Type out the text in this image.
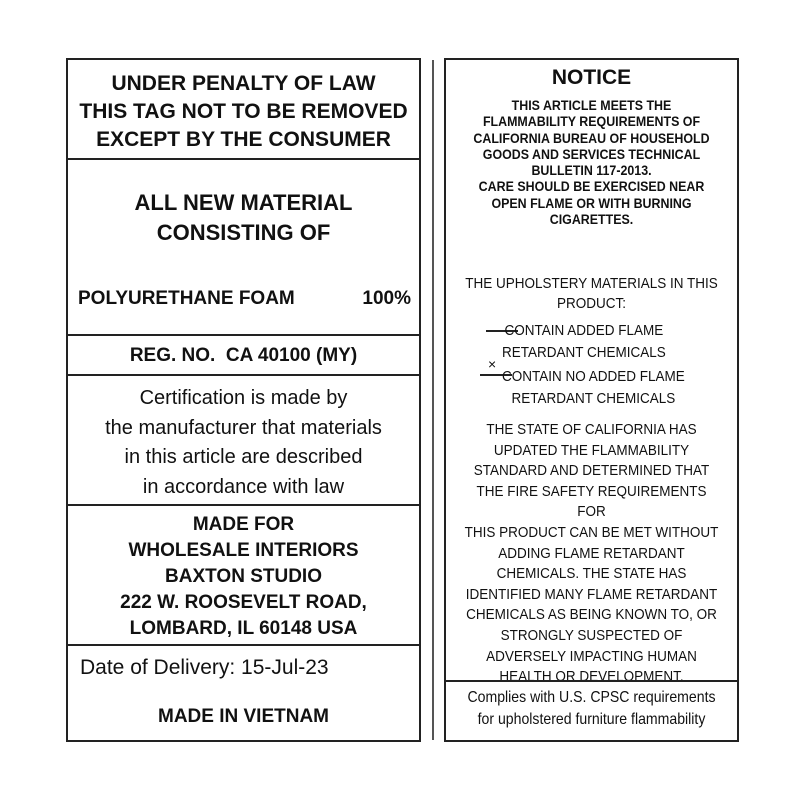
UNDER PENALTY OF LAW
THIS TAG NOT TO BE REMOVED
EXCEPT BY THE CONSUMER
ALL NEW MATERIAL
CONSISTING OF
POLYURETHANE FOAM	100%
REG. NO.  CA 40100 (MY)
Certification is made by
the manufacturer that materials
in this article are described
in accordance with law
MADE FOR
WHOLESALE INTERIORS
BAXTON STUDIO
222 W. ROOSEVELT ROAD,
LOMBARD, IL 60148 USA
Date of Delivery: 15-Jul-23
MADE IN VIETNAM
NOTICE
THIS ARTICLE MEETS THE
FLAMMABILITY REQUIREMENTS OF
CALIFORNIA BUREAU OF HOUSEHOLD
GOODS AND SERVICES TECHNICAL
BULLETIN 117-2013.
CARE SHOULD BE EXERCISED NEAR
OPEN FLAME OR WITH BURNING
CIGARETTES.
THE UPHOLSTERY MATERIALS IN THIS
PRODUCT:
CONTAIN ADDED FLAME
RETARDANT CHEMICALS
×
CONTAIN NO ADDED FLAME
RETARDANT CHEMICALS
THE STATE OF CALIFORNIA HAS
UPDATED THE FLAMMABILITY
STANDARD AND DETERMINED THAT
THE FIRE SAFETY REQUIREMENTS FOR
THIS PRODUCT CAN BE MET WITHOUT
ADDING FLAME RETARDANT
CHEMICALS. THE STATE HAS
IDENTIFIED MANY FLAME RETARDANT
CHEMICALS AS BEING KNOWN TO, OR
STRONGLY SUSPECTED OF
ADVERSELY IMPACTING HUMAN
HEALTH OR DEVELOPMENT.
Complies with U.S. CPSC requirements
for upholstered furniture flammability
